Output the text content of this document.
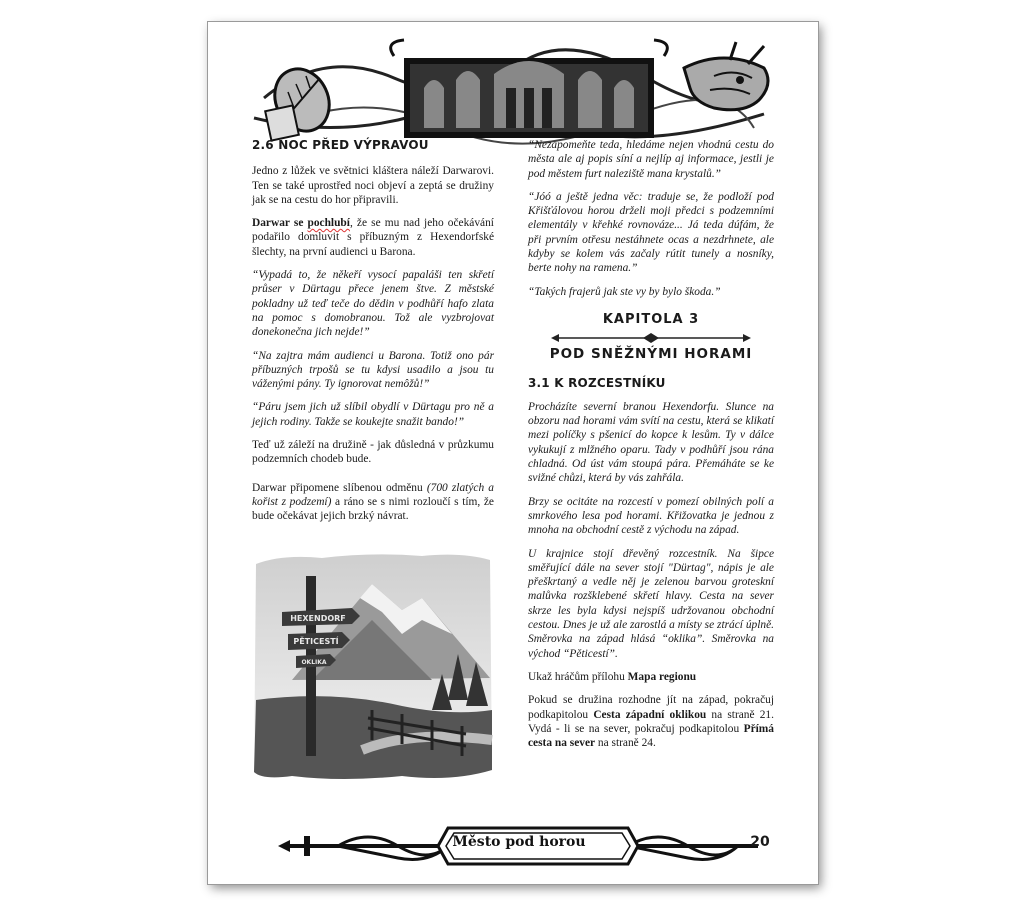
2.6 NOC PŘED VÝPRAVOU

Jedno z lůžek ve světnici kláštera náleží Darwarovi. Ten se také uprostřed noci objeví a zeptá se družiny jak se na cestu do hor připravili.

Darwar se pochlubí, že se mu nad jeho očekávání podařilo domluvit s příbuzným z Hexendorfské šlechty, na první audienci u Barona.

“Vypadá to, že někeří vysocí papaláši ten skřetí průser v Dürtagu přece jenem štve. Z městské pokladny už teď teče do dědin v podhůří hafo zlata na pomoc s domobranou. Tož ale vyzbrojovat donekonečna jich nejde!”

“Na zajtra mám audienci u Barona. Totiž ono pár příbuzných trpošů se tu kdysi usadilo a jsou tu váženými pány. Ty ignorovat nemôžů!”

“Páru jsem jich už slíbil obydlí v Dürtagu pro ně a jejich rodiny. Takže se koukejte snažit bando!”

Teď už záleží na družině - jak důsledná v průzkumu podzemních chodeb bude.

Darwar připomene slíbenou odměnu (700 zlatých a kořist z podzemí) a ráno se s nimi rozloučí s tím, že bude očekávat jejich brzký návrat.

HEXENDORF
PĚTICESTÍ
OKLIKA

“Nezapomeňte teda, hledáme nejen vhodnú cestu do města ale aj popis síní a nejlíp aj informace, jestli je pod městem furt naleziště mana krystalů.”

“Jóó a ještě jedna věc: traduje se, že podloží pod Křišťálovou horou drželi moji předci s podzemními elementály v křehké rovnováze... Já teda dúfám, že při prvním otřesu nestáhnete ocas a nezdrhnete, ale kdyby se kolem vás začaly rútit tunely a nosníky, berte nohy na ramena.”

“Takých frajerů jak ste vy by bylo škoda.”

KAPITOLA 3
POD SNĚŽNÝMI HORAMI
3.1 K ROZCESTNÍKU

Procházíte severní branou Hexendorfu. Slunce na obzoru nad horami vám svítí na cestu, která se klikatí mezi políčky s pšenicí do kopce k lesům. Ty v dálce vykukují z mlžného oparu. Tady v podhůří jsou rána chladná. Od úst vám stoupá pára. Přemáháte se ke svižné chůzi, která by vás zahřála.

Brzy se ocitáte na rozcestí v pomezí obilných polí a smrkového lesa pod horami. Křižovatka je jednou z mnoha na obchodní cestě z východu na západ.

U krajnice stojí dřevěný rozcestník. Na šipce směřující dále na sever stojí "Dürtag", nápis je ale přeškrtaný a vedle něj je zelenou barvou groteskní malůvka rozšklebené skřetí hlavy. Cesta na sever skrze les byla kdysi nejspíš udržovanou obchodní cestou. Dnes je už ale zarostlá a místy se ztrácí úplně. Směrovka na západ hlásá “oklika”. Směrovka na východ “Pěticestí”.

Ukaž hráčům přílohu Mapa regionu

Pokud se družina rozhodne jít na západ, pokračuj podkapitolou Cesta západní oklikou na straně 21. Vydá - li se na sever, pokračuj podkapitolou Přímá cesta na sever na straně 24.

Město pod horou	20
